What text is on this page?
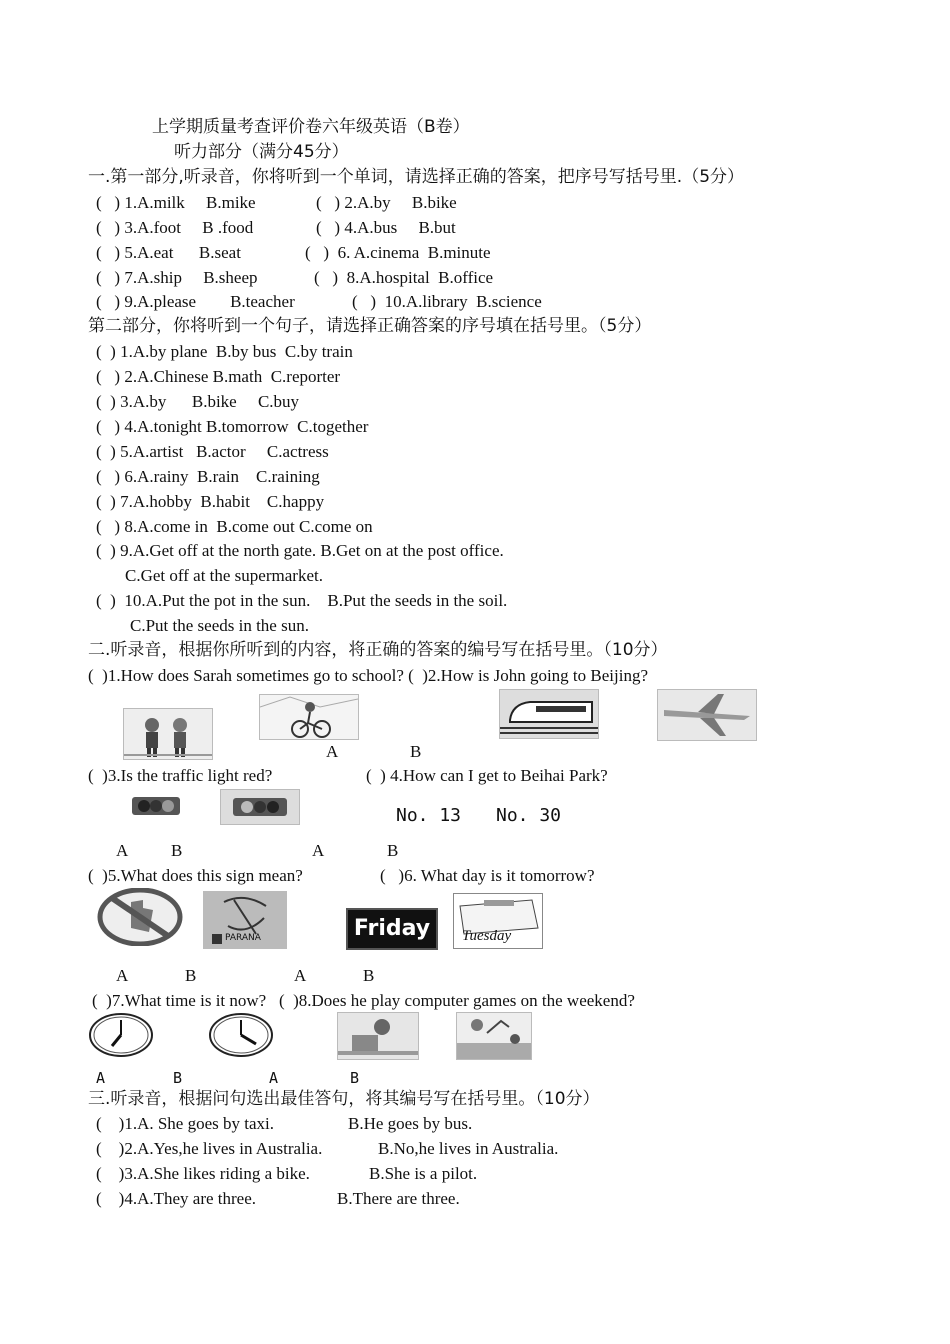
上学期质量考查评价卷六年级英语（B卷）
听力部分（满分45分）
一.第一部分,听录音，你将听到一个单词，请选择正确的答案，把序号写括号里.（5分）
(   ) 1.A.milk     B.mike	(   ) 2.A.by     B.bike
(   ) 3.A.foot     B .food	(   ) 4.A.bus     B.but
(   ) 5.A.eat      B.seat	(   )  6. A.cinema  B.minute
(   ) 7.A.ship     B.sheep	(   )  8.A.hospital  B.office
(   ) 9.A.please        B.teacher	(   )  10.A.library  B.science
第二部分，你将听到一个句子，请选择正确答案的序号填在括号里。（5分）
(  ) 1.A.by plane  B.by bus  C.by train
(   ) 2.A.Chinese B.math  C.reporter
(  ) 3.A.by      B.bike     C.buy
(   ) 4.A.tonight B.tomorrow  C.together
(  ) 5.A.artist   B.actor     C.actress
(   ) 6.A.rainy  B.rain    C.raining
(  ) 7.A.hobby  B.habit    C.happy
(   ) 8.A.come in  B.come out C.come on
(  ) 9.A.Get off at the north gate. B.Get on at the post office.
C.Get off at the supermarket.
(  )  10.A.Put the pot in the sun.    B.Put the seeds in the soil.
C.Put the seeds in the sun.
二.听录音，根据你所听到的内容，将正确的答案的编号写在括号里。（10分）
(  )1.How does Sarah sometimes go to school? (  )2.How is John going to Beijing?
A	B
(  )3.Is the traffic light red?	(  ) 4.How can I get to Beihai Park?
No. 13 No. 30
A	B	A	B
(  )5.What does this sign mean?	(   )6. What day is it tomorrow?
PARANA	Friday	Tuesday
A	B	A	B
(  )7.What time is it now?   (  )8.Does he play computer games on the weekend?
A	B	A	B
三.听录音，根据问句选出最佳答句，将其编号写在括号里。（10分）
(    )1.A. She goes by taxi.	B.He goes by bus.
(    )2.A.Yes,he lives in Australia.	B.No,he lives in Australia.
(    )3.A.She likes riding a bike.	B.She is a pilot.
(    )4.A.They are three.	B.There are three.
